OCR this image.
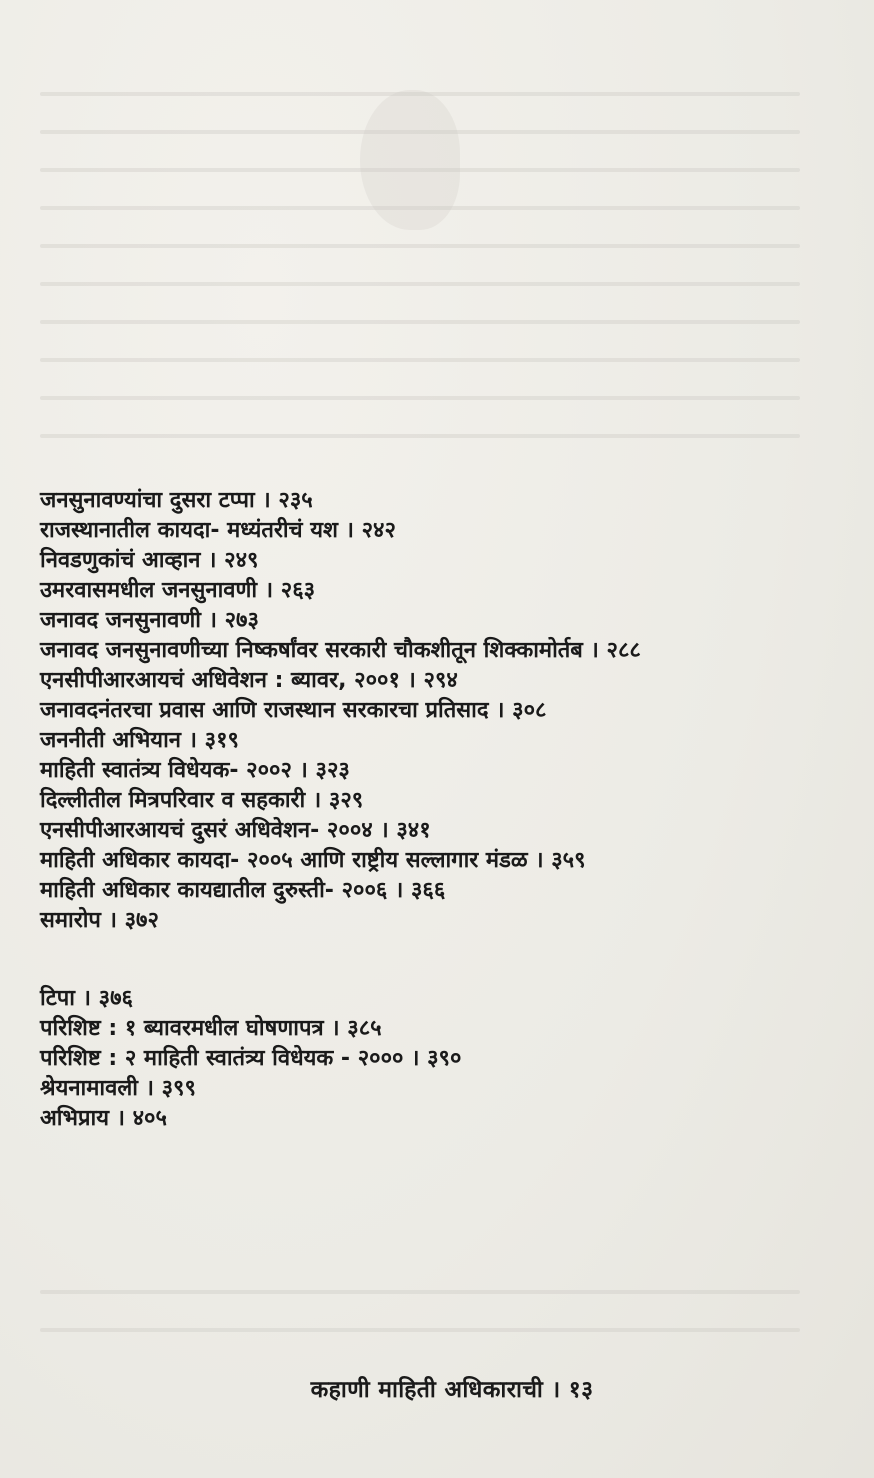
जनसुनावण्यांचा दुसरा टप्पा । २३५
राजस्थानातील कायदा- मध्यंतरीचं यश । २४२
निवडणुकांचं आव्हान । २४९
उमरवासमधील जनसुनावणी । २६३
जनावद जनसुनावणी । २७३
जनावद जनसुनावणीच्या निष्कर्षांवर सरकारी चौकशीतून शिक्कामोर्तब । २८८
एनसीपीआरआयचं अधिवेशन : ब्यावर, २००१ । २९४
जनावदनंतरचा प्रवास आणि राजस्थान सरकारचा प्रतिसाद । ३०८
जननीती अभियान । ३१९
माहिती स्वातंत्र्य विधेयक- २००२ । ३२३
दिल्लीतील मित्रपरिवार व सहकारी । ३२९
एनसीपीआरआयचं दुसरं अधिवेशन- २००४ । ३४१
माहिती अधिकार कायदा- २००५ आणि राष्ट्रीय सल्लागार मंडळ । ३५९
माहिती अधिकार कायद्यातील दुरुस्ती- २००६ । ३६६
समारोप । ३७२
टिपा । ३७६
परिशिष्ट : १ ब्यावरमधील घोषणापत्र । ३८५
परिशिष्ट : २ माहिती स्वातंत्र्य विधेयक - २००० । ३९०
श्रेयनामावली । ३९९
अभिप्राय । ४०५
कहाणी माहिती अधिकाराची । १३
